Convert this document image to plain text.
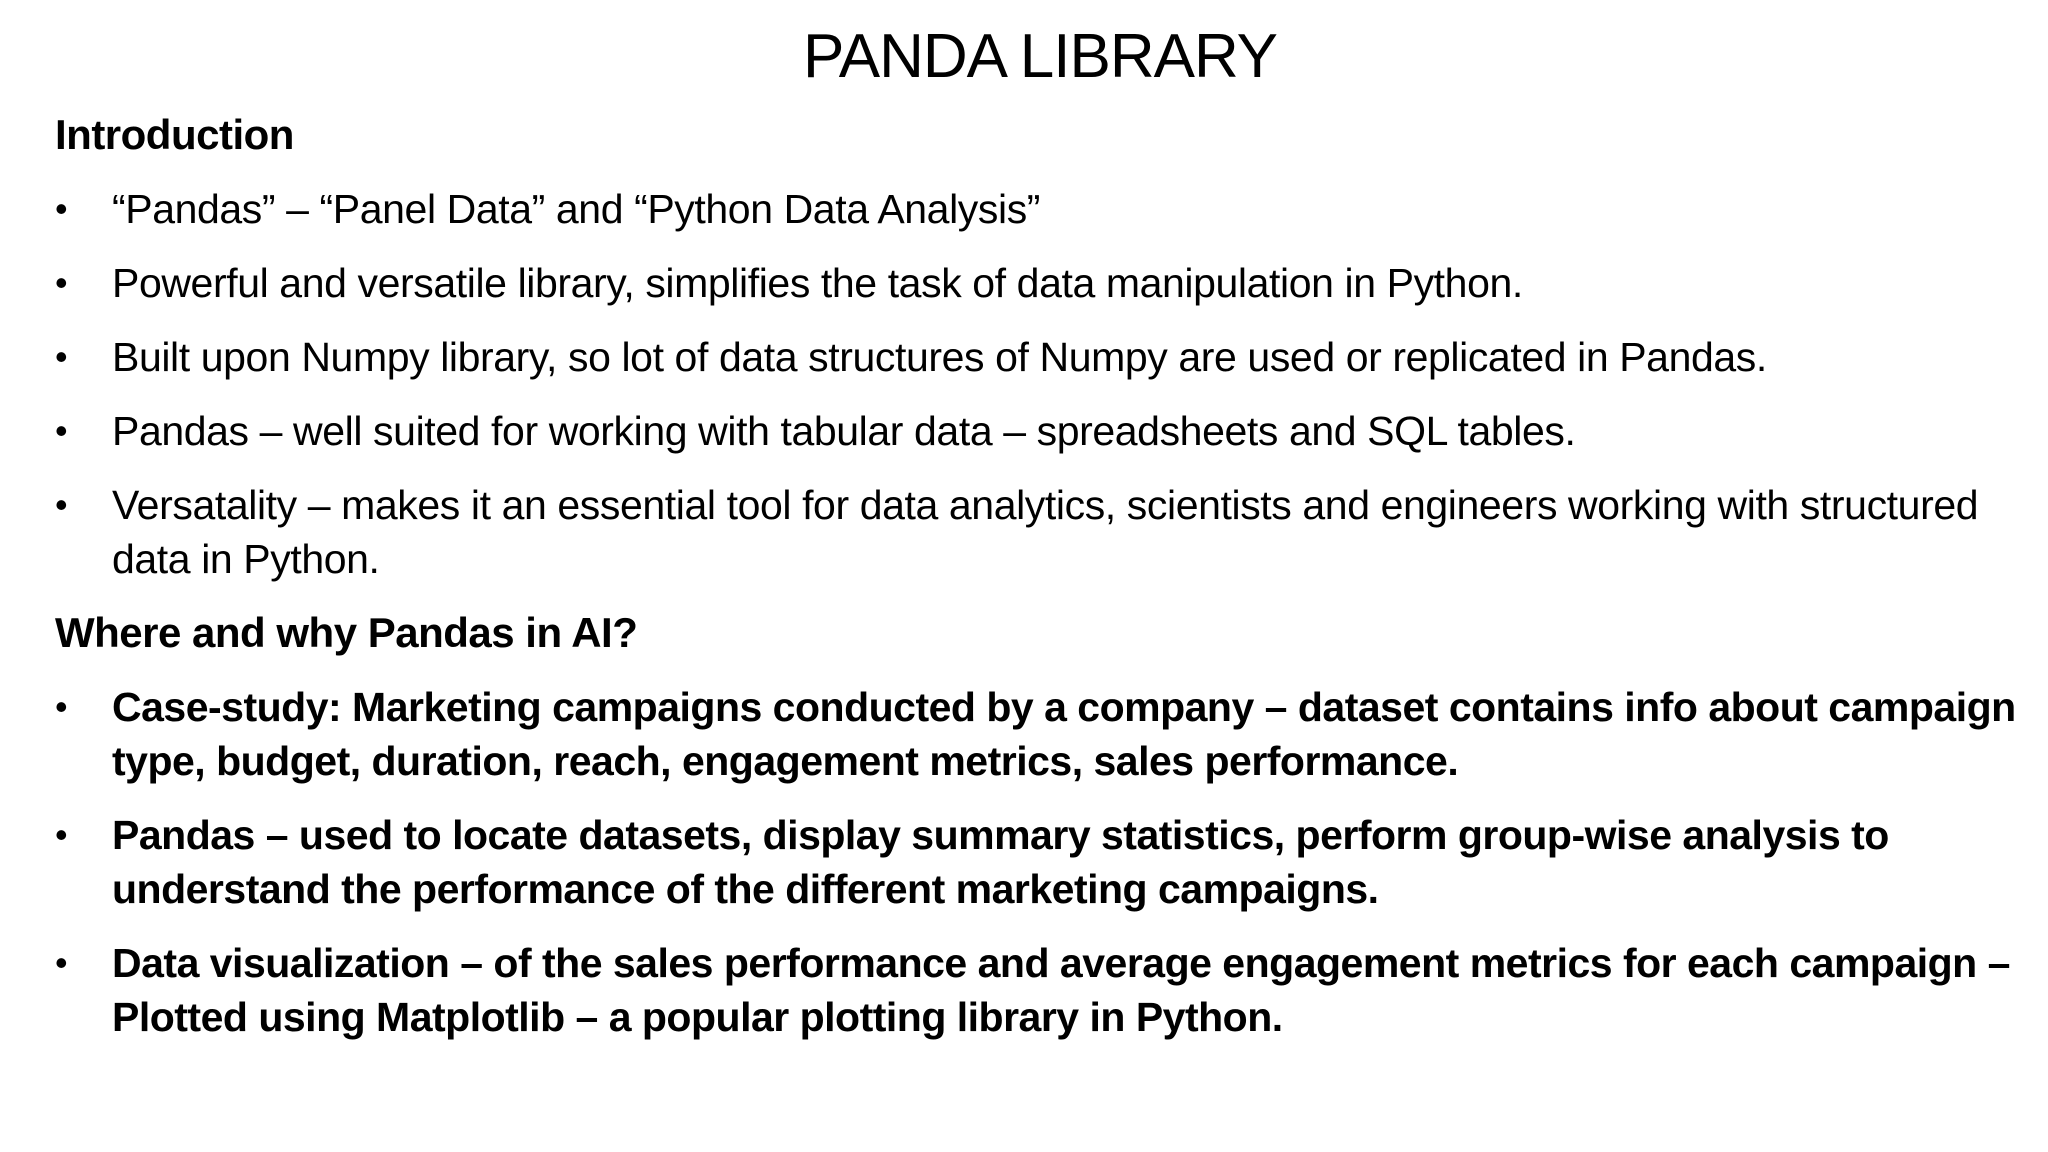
PANDA LIBRARY
Introduction
• “Pandas” – “Panel Data” and “Python Data Analysis”
• Powerful and versatile library, simplifies the task of data manipulation in Python.
• Built upon Numpy library, so lot of data structures of Numpy are used or replicated in Pandas.
• Pandas – well suited for working with tabular data – spreadsheets and SQL tables.
• Versatality – makes it an essential tool for data analytics, scientists and engineers working with structured data in Python.
Where and why Pandas in AI?
• Case-study: Marketing campaigns conducted by a company – dataset contains info about campaign type, budget, duration, reach, engagement metrics, sales performance.
• Pandas – used to locate datasets, display summary statistics, perform group-wise analysis to understand the performance of the different marketing campaigns.
• Data visualization – of the sales performance and average engagement metrics for each campaign – Plotted using Matplotlib – a popular plotting library in Python.
